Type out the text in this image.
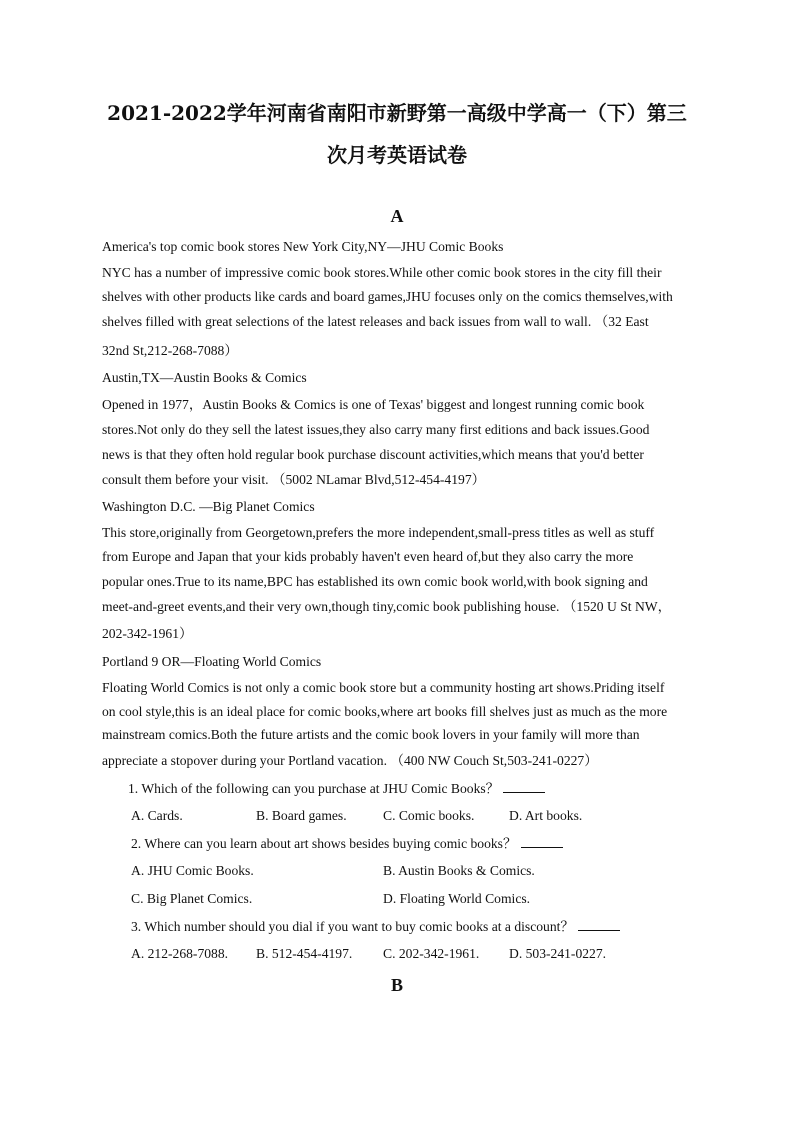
2021-2022学年河南省南阳市新野第一高级中学高一（下）第三
次月考英语试卷
A
America's top comic book stores New York City,NY—JHU Comic Books
NYC has a number of impressive comic book stores.While other comic book stores in the city fill their
shelves with other products like cards and board games,JHU focuses only on the comics themselves,with
shelves filled with great selections of the latest releases and back issues from wall to wall. （32 East
32nd St,212-268-7088）
Austin,TX—Austin Books & Comics
Opened in 1977，Austin Books & Comics is one of Texas' biggest and longest running comic book
stores.Not only do they sell the latest issues,they also carry many first editions and back issues.Good
news is that they often hold regular book purchase discount activities,which means that you'd better
consult them before your visit. （5002 NLamar Blvd,512-454-4197）
Washington D.C. —Big Planet Comics
This store,originally from Georgetown,prefers the more independent,small-press titles as well as stuff
from Europe and Japan that your kids probably haven't even heard of,but they also carry the more
popular ones.True to its name,BPC has established its own comic book world,with book signing and
meet-and-greet events,and their very own,though tiny,comic book publishing house. （1520 U St NW，
202-342-1961）
Portland 9 OR—Floating World Comics
Floating World Comics is not only a comic book store but a community hosting art shows.Priding itself
on cool style,this is an ideal place for comic books,where art books fill shelves just as much as the more
mainstream comics.Both the future artists and the comic book lovers in your family will more than
appreciate a stopover during your Portland vacation. （400 NW Couch St,503-241-0227）
1. Which of the following can you purchase at JHU Comic Books？
A. Cards.	B. Board games.	C. Comic books.	D. Art books.
2. Where can you learn about art shows besides buying comic books？
A. JHU Comic Books.	B. Austin Books & Comics.
C. Big Planet Comics.	D. Floating World Comics.
3. Which number should you dial if you want to buy comic books at a discount？
A. 212-268-7088. B. 512-454-4197. C. 202-342-1961. D. 503-241-0227.
B
